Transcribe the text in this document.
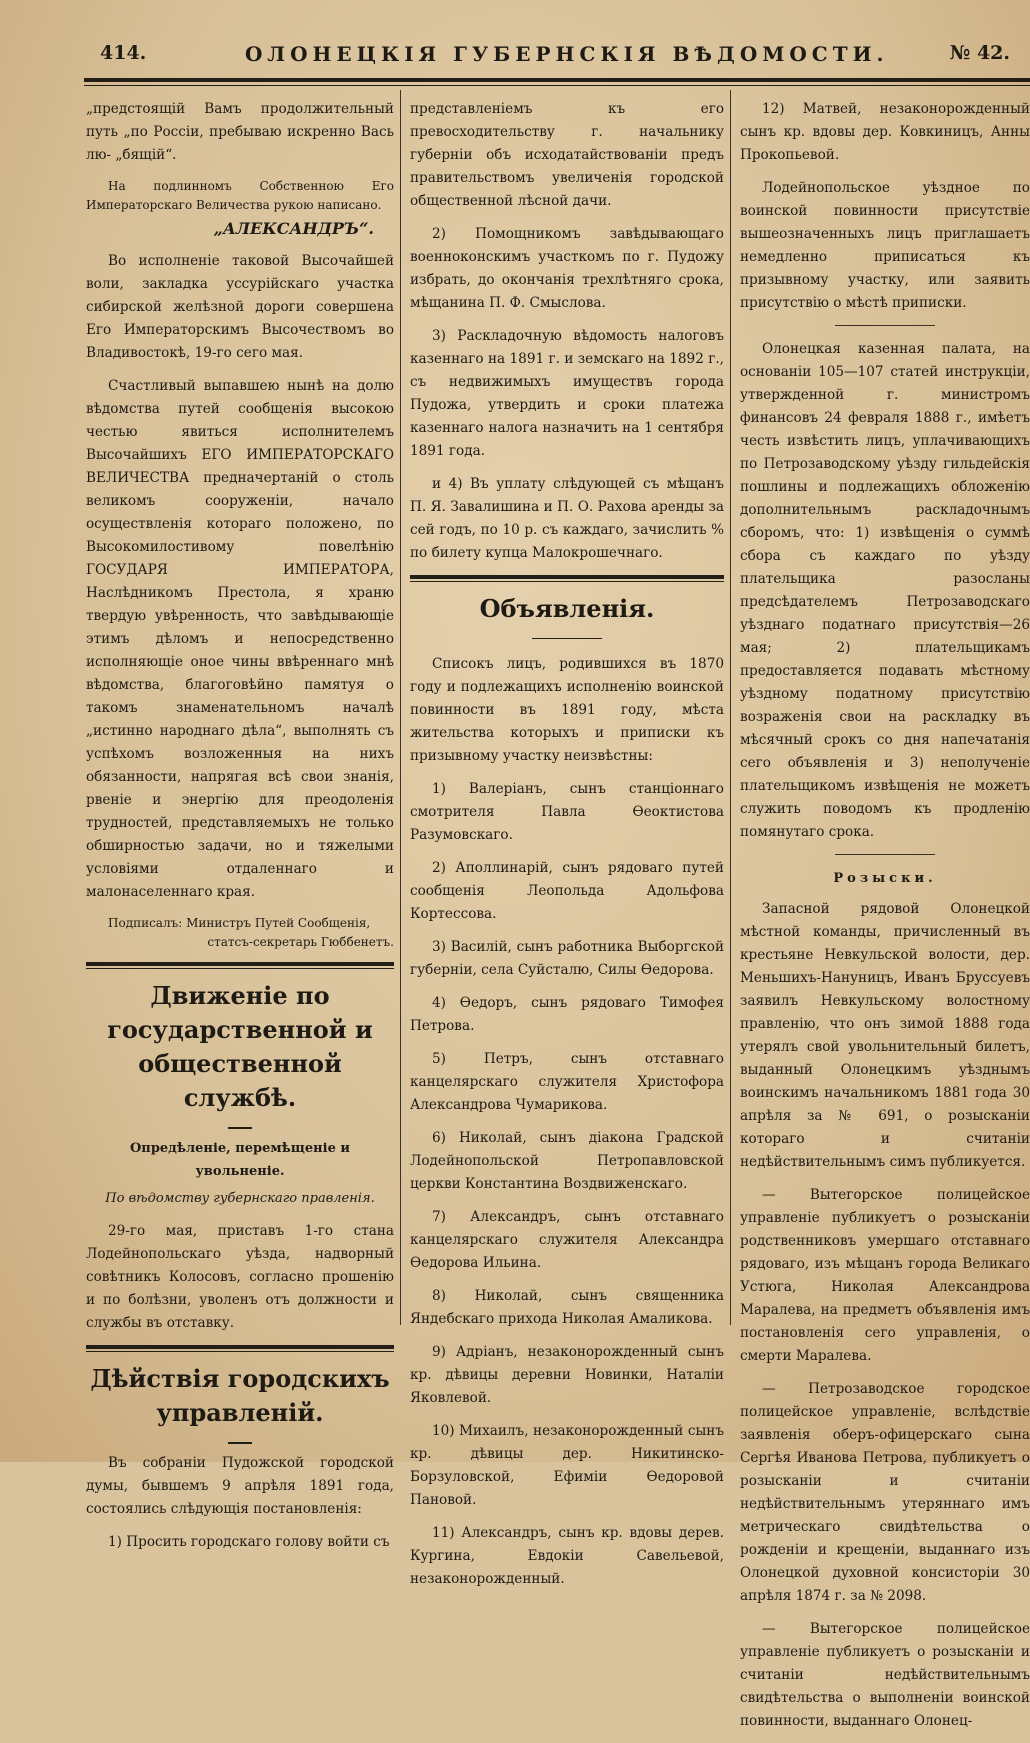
414.	ОЛОНЕЦКІЯ ГУБЕРНСКІЯ ВѢДОМОСТИ.	№ 42.

„предстоящій Вамъ продолжительный путь „по Россіи, пребываю искренно Вась лю- „бящій“.

На подлинномъ Собственною Его Императорскаго Величества рукою написано.

„АЛЕКСАНДРЪ“.

Во исполненіе таковой Высочайшей воли, закладка уссурійскаго участка сибирской желѣзной дороги совершена Его Императорскимъ Высочествомъ во Владивостокѣ, 19-го сего мая.

Счастливый выпавшею нынѣ на долю вѣдомства путей сообщенія высокою честью явиться исполнителемъ Высочайшихъ ЕГО ИМПЕРАТОРСКАГО ВЕЛИЧЕСТВА предначертаній о столь великомъ сооруженіи, начало осуществленія котораго положено, по Высокомилостивому повелѣнію ГОСУДАРЯ ИМПЕРАТОРА, Наслѣдникомъ Престола, я храню твердую увѣренность, что завѣдывающіе этимъ дѣломъ и непосредственно исполняющіе оное чины ввѣреннаго мнѣ вѣдомства, благоговѣйно памятуя о такомъ знаменательномъ началѣ „истинно народнаго дѣла“, выполнять съ успѣхомъ возложенныя на нихъ обязанности, напрягая всѣ свои знанія, рвеніе и энергію для преодоленія трудностей, представляемыхъ не только обширностью задачи, но и тяжелыми условіями отдаленнаго и малонаселеннаго края.

Подписалъ: Министръ Путей Сообщенія,

статсъ-секретарь Гюббенетъ.

Движеніе по государственной и общественной службѣ.
Опредѣленіе, перемѣщеніе и увольненіе.
По вѣдомству губернскаго правленія.

29-го мая, приставъ 1-го стана Лодейнопольскаго уѣзда, надворный совѣтникъ Колосовъ, согласно прошенію и по болѣзни, уволенъ отъ должности и службы въ отставку.

Дѣйствія городскихъ управленій.

Въ собраніи Пудожской городской думы, бывшемъ 9 апрѣля 1891 года, состоялись слѣдующія постановленія:

1) Просить городскаго голову войти съ

представленіемъ къ его превосходительству г. начальнику губерніи объ исходатайствованіи предъ правительствомъ увеличенія городской общественной лѣсной дачи.

2) Помощникомъ завѣдывающаго военноконскимъ участкомъ по г. Пудожу избрать, до окончанія трехлѣтняго срока, мѣщанина П. Ф. Смыслова.

3) Раскладочную вѣдомость налоговъ казеннаго на 1891 г. и земскаго на 1892 г., съ недвижимыхъ имуществъ города Пудожа, утвердить и сроки платежа казеннаго налога назначить на 1 сентября 1891 года.

и 4) Въ уплату слѣдующей съ мѣщанъ П. Я. Завалишина и П. О. Рахова аренды за сей годъ, по 10 р. съ каждаго, зачислить % по билету купца Малокрошечнаго.

Объявленія.

Списокъ лицъ, родившихся въ 1870 году и подлежащихъ исполненію воинской повинности въ 1891 году, мѣста жительства которыхъ и приписки къ призывному участку неизвѣстны:

1) Валеріанъ, сынъ станціоннаго смотрителя Павла Ѳеоктистова Разумовскаго.

2) Аполлинарій, сынъ рядоваго путей сообщенія Леопольда Адольфова Кортессова.

3) Василій, сынъ работника Выборгской губерніи, села Суйсталю, Силы Ѳедорова.

4) Ѳедоръ, сынъ рядоваго Тимофея Петрова.

5) Петръ, сынъ отставнаго канцелярскаго служителя Христофора Александрова Чумарикова.

6) Николай, сынъ діакона Градской Лодейнопольской Петропавловской церкви Константина Воздвиженскаго.

7) Александръ, сынъ отставнаго канцелярскаго служителя Александра Ѳедорова Ильина.

8) Николай, сынъ священника Яндебскаго прихода Николая Амаликова.

9) Адріанъ, незаконорожденный сынъ кр. дѣвицы деревни Новинки, Наталіи Яковлевой.

10) Михаилъ, незаконорожденный сынъ кр. дѣвицы дер. Никитинско-Борзуловской, Ефиміи Ѳедоровой Пановой.

11) Александръ, сынъ кр. вдовы дерев. Кургина, Евдокіи Савельевой, незаконорожденный.

12) Матвей, незаконорожденный сынъ кр. вдовы дер. Ковкиницъ, Анны Прокопьевой.

Лодейнопольское уѣздное по воинской повинности присутствіе вышеозначенныхъ лицъ приглашаетъ немедленно приписаться къ призывному участку, или заявить присутствію о мѣстѣ приписки.

Олонецкая казенная палата, на основаніи 105—107 статей инструкціи, утвержденной г. министромъ финансовъ 24 февраля 1888 г., имѣетъ честь извѣстить лицъ, уплачивающихъ по Петрозаводскому уѣзду гильдейскія пошлины и подлежащихъ обложенію дополнительнымъ раскладочнымъ сборомъ, что: 1) извѣщенія о суммѣ сбора съ каждаго по уѣзду плательщика разосланы предсѣдателемъ Петрозаводскаго уѣзднаго податнаго присутствія—26 мая; 2) плательщикамъ предоставляется подавать мѣстному уѣздному податному присутствію возраженія свои на раскладку въ мѣсячный срокъ со дня напечатанія сего объявленія и 3) неполученіе плательщикомъ извѣщенія не можетъ служить поводомъ къ продленію помянутаго срока.

Розыски.

Запасной рядовой Олонецкой мѣстной команды, причисленный въ крестьяне Невкульской волости, дер. Меньшихъ-Нануницъ, Иванъ Бруссуевъ заявилъ Невкульскому волостному правленію, что онъ зимой 1888 года утерялъ свой увольнительный билетъ, выданный Олонецкимъ уѣзднымъ воинскимъ начальникомъ 1881 года 30 апрѣля за № 691, о розысканіи котораго и считаніи недѣйствительнымъ симъ публикуется.

— Вытегорское полицейское управленіе публикуетъ о розысканіи родственниковъ умершаго отставнаго рядоваго, изъ мѣщанъ города Великаго Устюга, Николая Александрова Маралева, на предметъ объявленія имъ постановленія сего управленія, о смерти Маралева.

— Петрозаводское городское полицейское управленіе, вслѣдствіе заявленія оберъ-офицерскаго сына Сергѣя Иванова Петрова, публикуетъ о розысканіи и считаніи недѣйствительнымъ утеряннаго имъ метрическаго свидѣтельства о рожденіи и крещеніи, выданнаго изъ Олонецкой духовной консисторіи 30 апрѣля 1874 г. за № 2098.

— Вытегорское полицейское управленіе публикуетъ о розысканіи и считаніи недѣйствительнымъ свидѣтельства о выполненіи воинской повинности, выданнаго Олонец-
